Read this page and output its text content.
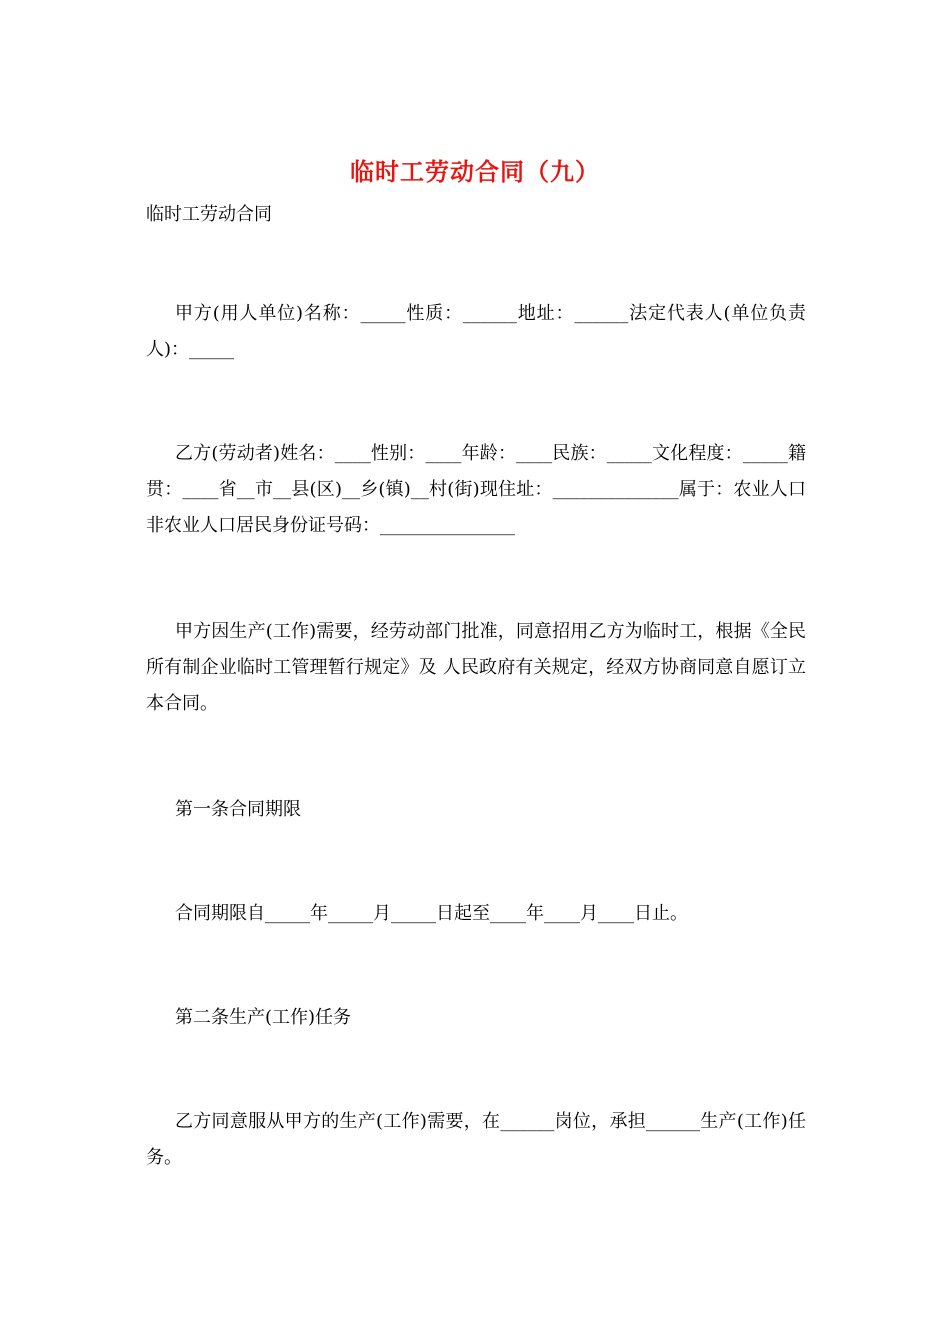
临时工劳动合同（九）
临时工劳动合同

甲方(用人单位)名称：_____性质：______地址：______法定代表人(单位负责人)：_____

乙方(劳动者)姓名：____性别：____年龄：____民族：_____文化程度：_____籍贯：____省__市__县(区)__乡(镇)__村(街)现住址：______________属于：农业人口非农业人口居民身份证号码：_______________

甲方因生产(工作)需要，经劳动部门批准，同意招用乙方为临时工，根据《全民所有制企业临时工管理暂行规定》及 人民政府有关规定，经双方协商同意自愿订立本合同。

第一条合同期限

合同期限自_____年_____月_____日起至____年____月____日止。

第二条生产(工作)任务

乙方同意服从甲方的生产(工作)需要，在______岗位，承担______生产(工作)任务。
